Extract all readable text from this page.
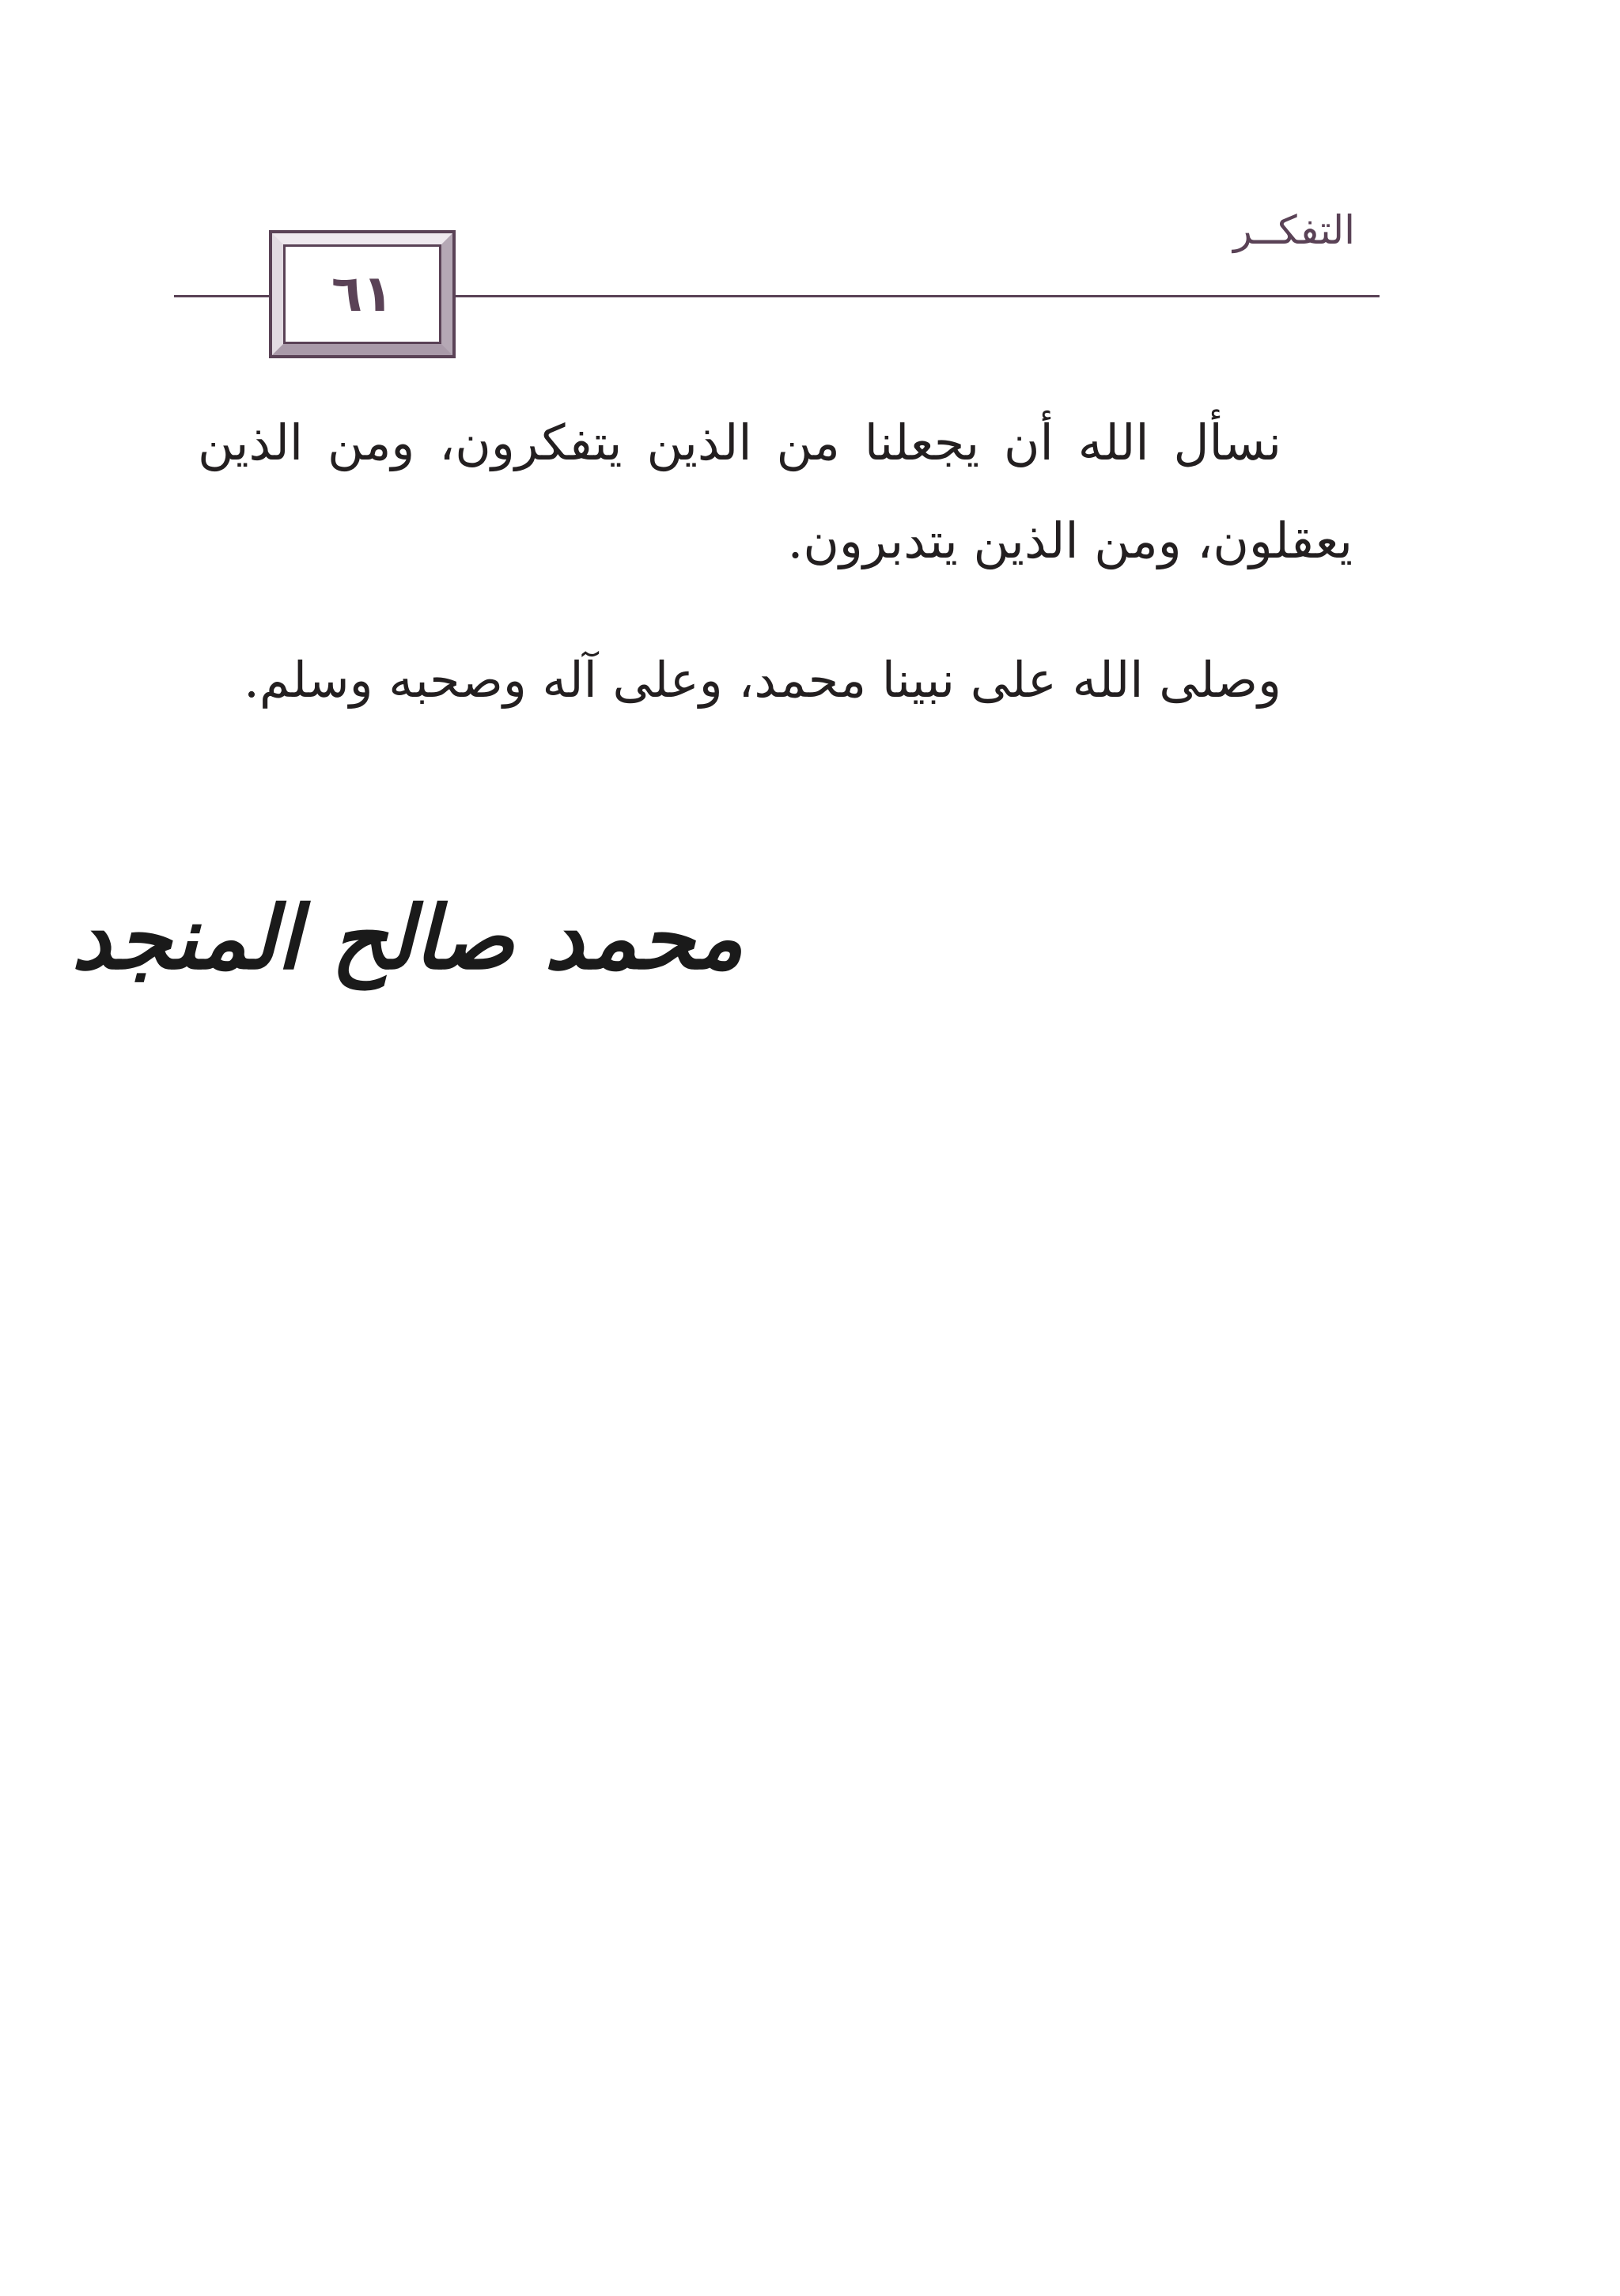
التفكــر
٦١

نسأل الله أن يجعلنا من الذين يتفكرون، ومن الذين يعقلون، ومن الذين يتدبرون.

وصلى الله على نبينا محمد، وعلى آله وصحبه وسلم.

محمد صالح المنجد
